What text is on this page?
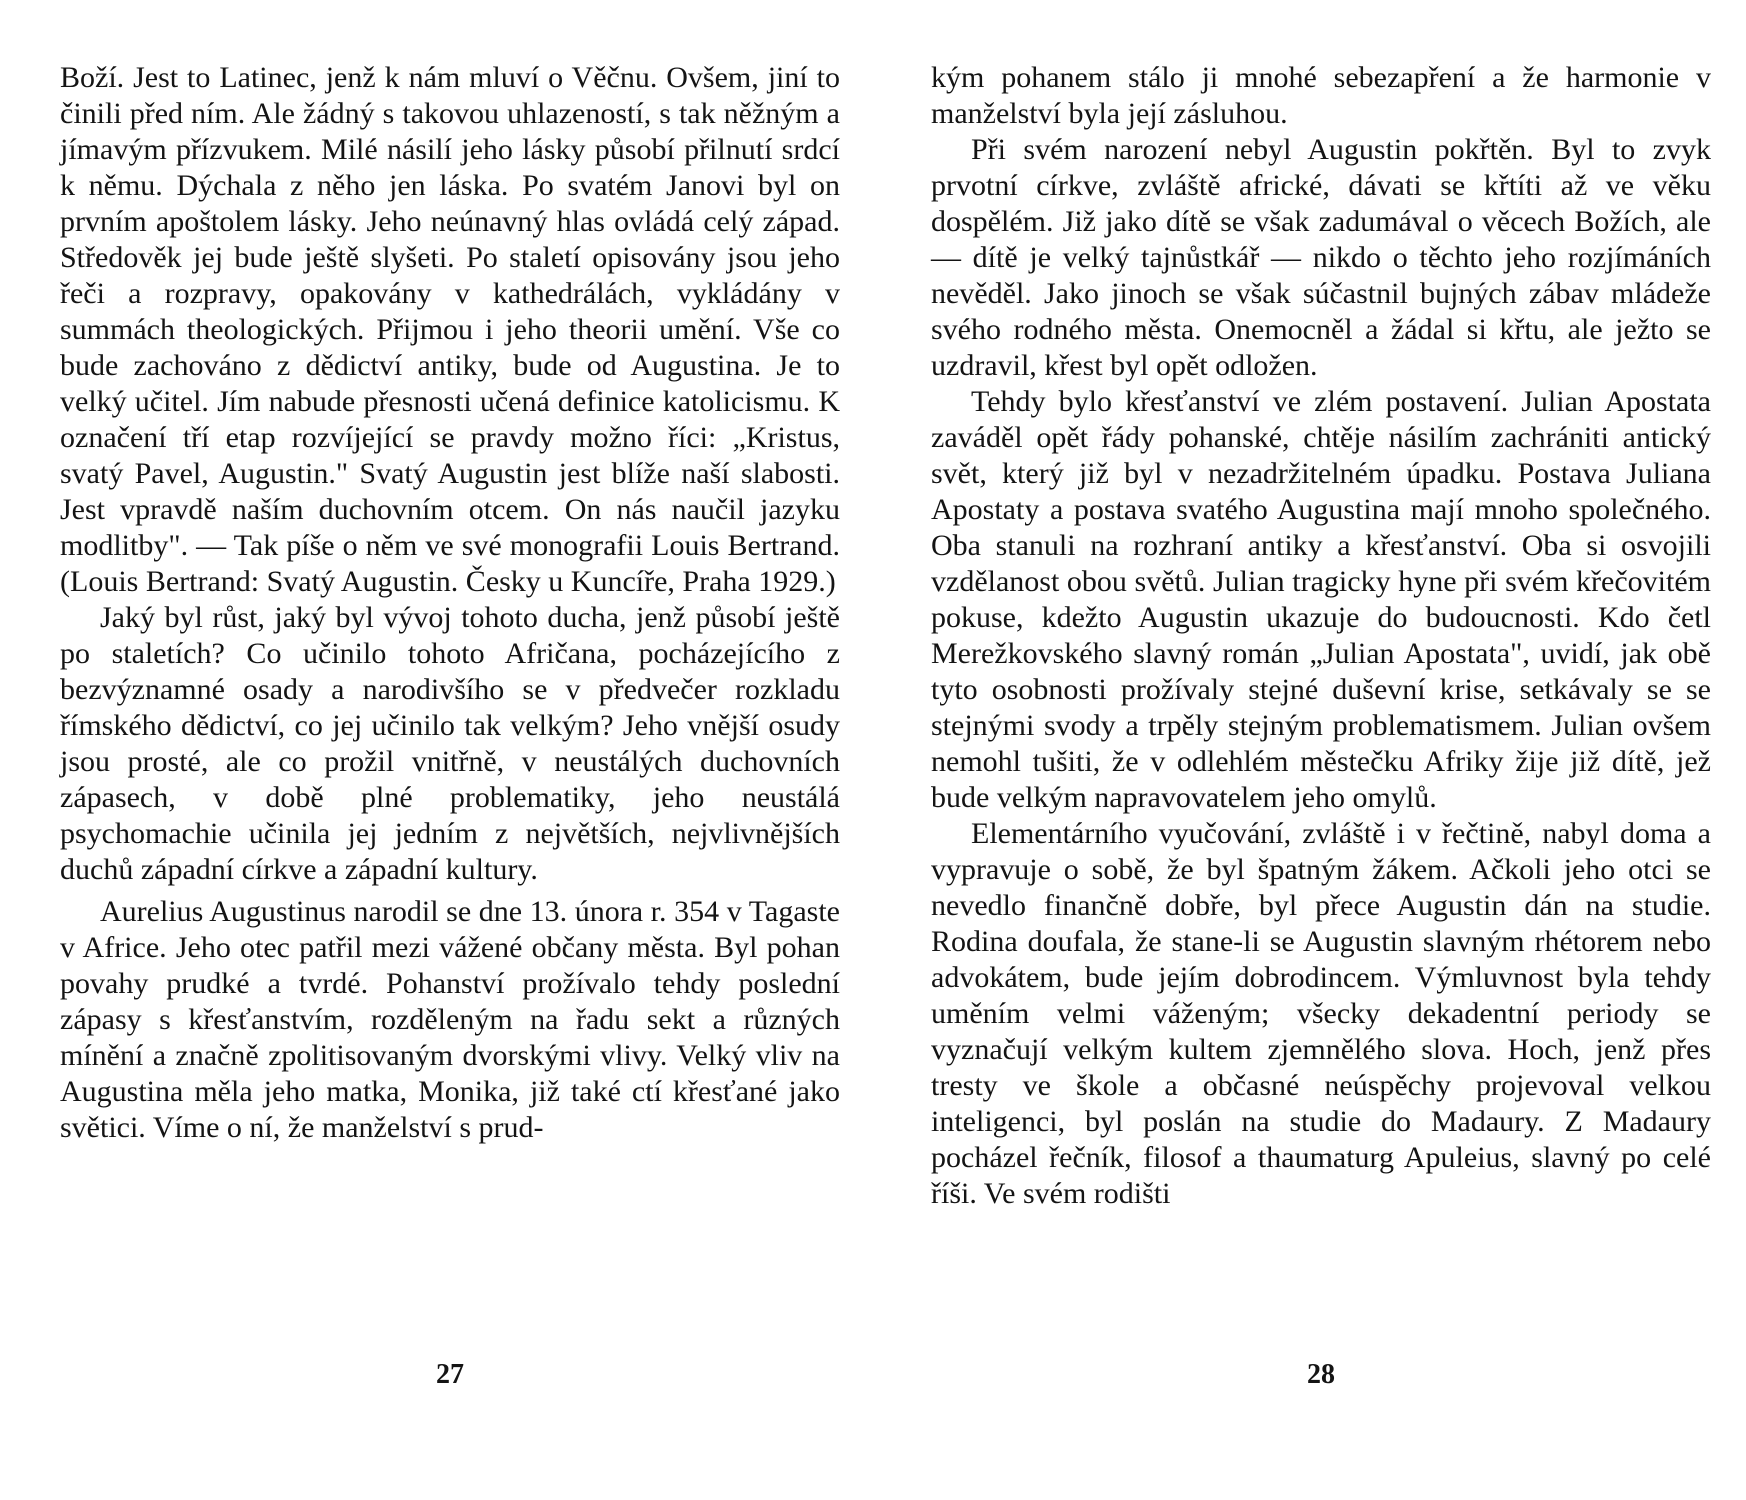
Boží. Jest to Latinec, jenž k nám mluví o Věčnu. Ovšem, jiní to činili před ním. Ale žádný s takovou uhlazeností, s tak něžným a jímavým přízvukem. Milé násilí jeho lásky působí přilnutí srdcí k němu. Dýchala z něho jen láska. Po svatém Janovi byl on prvním apoštolem lásky. Jeho neúnavný hlas ovládá celý západ. Středověk jej bude ještě slyšeti. Po staletí opisovány jsou jeho řeči a rozpravy, opakovány v kathedrálách, vykládány v summách theologických. Přijmou i jeho theorii umění. Vše co bude zachováno z dědictví antiky, bude od Augustina. Je to velký učitel. Jím nabude přesnosti učená definice katolicismu. K označení tří etap rozvíjející se pravdy možno říci: „Kristus, svatý Pavel, Augustin." Svatý Augustin jest blíže naší slabosti. Jest vpravdě naším duchovním otcem. On nás naučil jazyku modlitby". — Tak píše o něm ve své monografii Louis Bertrand. (Louis Bertrand: Svatý Augustin. Česky u Kuncíře, Praha 1929.)

Jaký byl růst, jaký byl vývoj tohoto ducha, jenž působí ještě po staletích? Co učinilo tohoto Afričana, pocházejícího z bezvýznamné osady a narodivšího se v předvečer rozkladu římského dědictví, co jej učinilo tak velkým? Jeho vnější osudy jsou prosté, ale co prožil vnitřně, v neustálých duchovních zápasech, v době plné problematiky, jeho neustálá psychomachie učinila jej jedním z největších, nejvlivnějších duchů západní církve a západní kultury.

Aurelius Augustinus narodil se dne 13. února r. 354 v Tagaste v Africe. Jeho otec patřil mezi vážené občany města. Byl pohan povahy prudké a tvrdé. Pohanství prožívalo tehdy poslední zápasy s křesťanstvím, rozděleným na řadu sekt a různých mínění a značně zpolitisovaným dvorskými vlivy. Velký vliv na Augustina měla jeho matka, Monika, již také ctí křesťané jako světici. Víme o ní, že manželství s prud-

27

kým pohanem stálo ji mnohé sebezapření a že harmonie v manželství byla její zásluhou.

Při svém narození nebyl Augustin pokřtěn. Byl to zvyk prvotní církve, zvláště africké, dávati se křtíti až ve věku dospělém. Již jako dítě se však zadumával o věcech Božích, ale — dítě je velký tajnůstkář — nikdo o těchto jeho rozjímáních nevěděl. Jako jinoch se však súčastnil bujných zábav mládeže svého rodného města. Onemocněl a žádal si křtu, ale ježto se uzdravil, křest byl opět odložen.

Tehdy bylo křesťanství ve zlém postavení. Julian Apostata zaváděl opět řády pohanské, chtěje násilím zachrániti antický svět, který již byl v nezadržitelném úpadku. Postava Juliana Apostaty a postava svatého Augustina mají mnoho společného. Oba stanuli na rozhraní antiky a křesťanství. Oba si osvojili vzdělanost obou světů. Julian tragicky hyne při svém křečovitém pokuse, kdežto Augustin ukazuje do budoucnosti. Kdo četl Merežkovského slavný román „Julian Apostata", uvidí, jak obě tyto osobnosti prožívaly stejné duševní krise, setkávaly se se stejnými svody a trpěly stejným problematismem. Julian ovšem nemohl tušiti, že v odlehlém městečku Afriky žije již dítě, jež bude velkým napravovatelem jeho omylů.

Elementárního vyučování, zvláště i v řečtině, nabyl doma a vypravuje o sobě, že byl špatným žákem. Ačkoli jeho otci se nevedlo finančně dobře, byl přece Augustin dán na studie. Rodina doufala, že stane-li se Augustin slavným rhétorem nebo advokátem, bude jejím dobrodincem. Výmluvnost byla tehdy uměním velmi váženým; všecky dekadentní periody se vyznačují velkým kultem zjemnělého slova. Hoch, jenž přes tresty ve škole a občasné neúspěchy projevoval velkou inteligenci, byl poslán na studie do Madaury. Z Madaury pocházel řečník, filosof a thaumaturg Apuleius, slavný po celé říši. Ve svém rodišti

28
